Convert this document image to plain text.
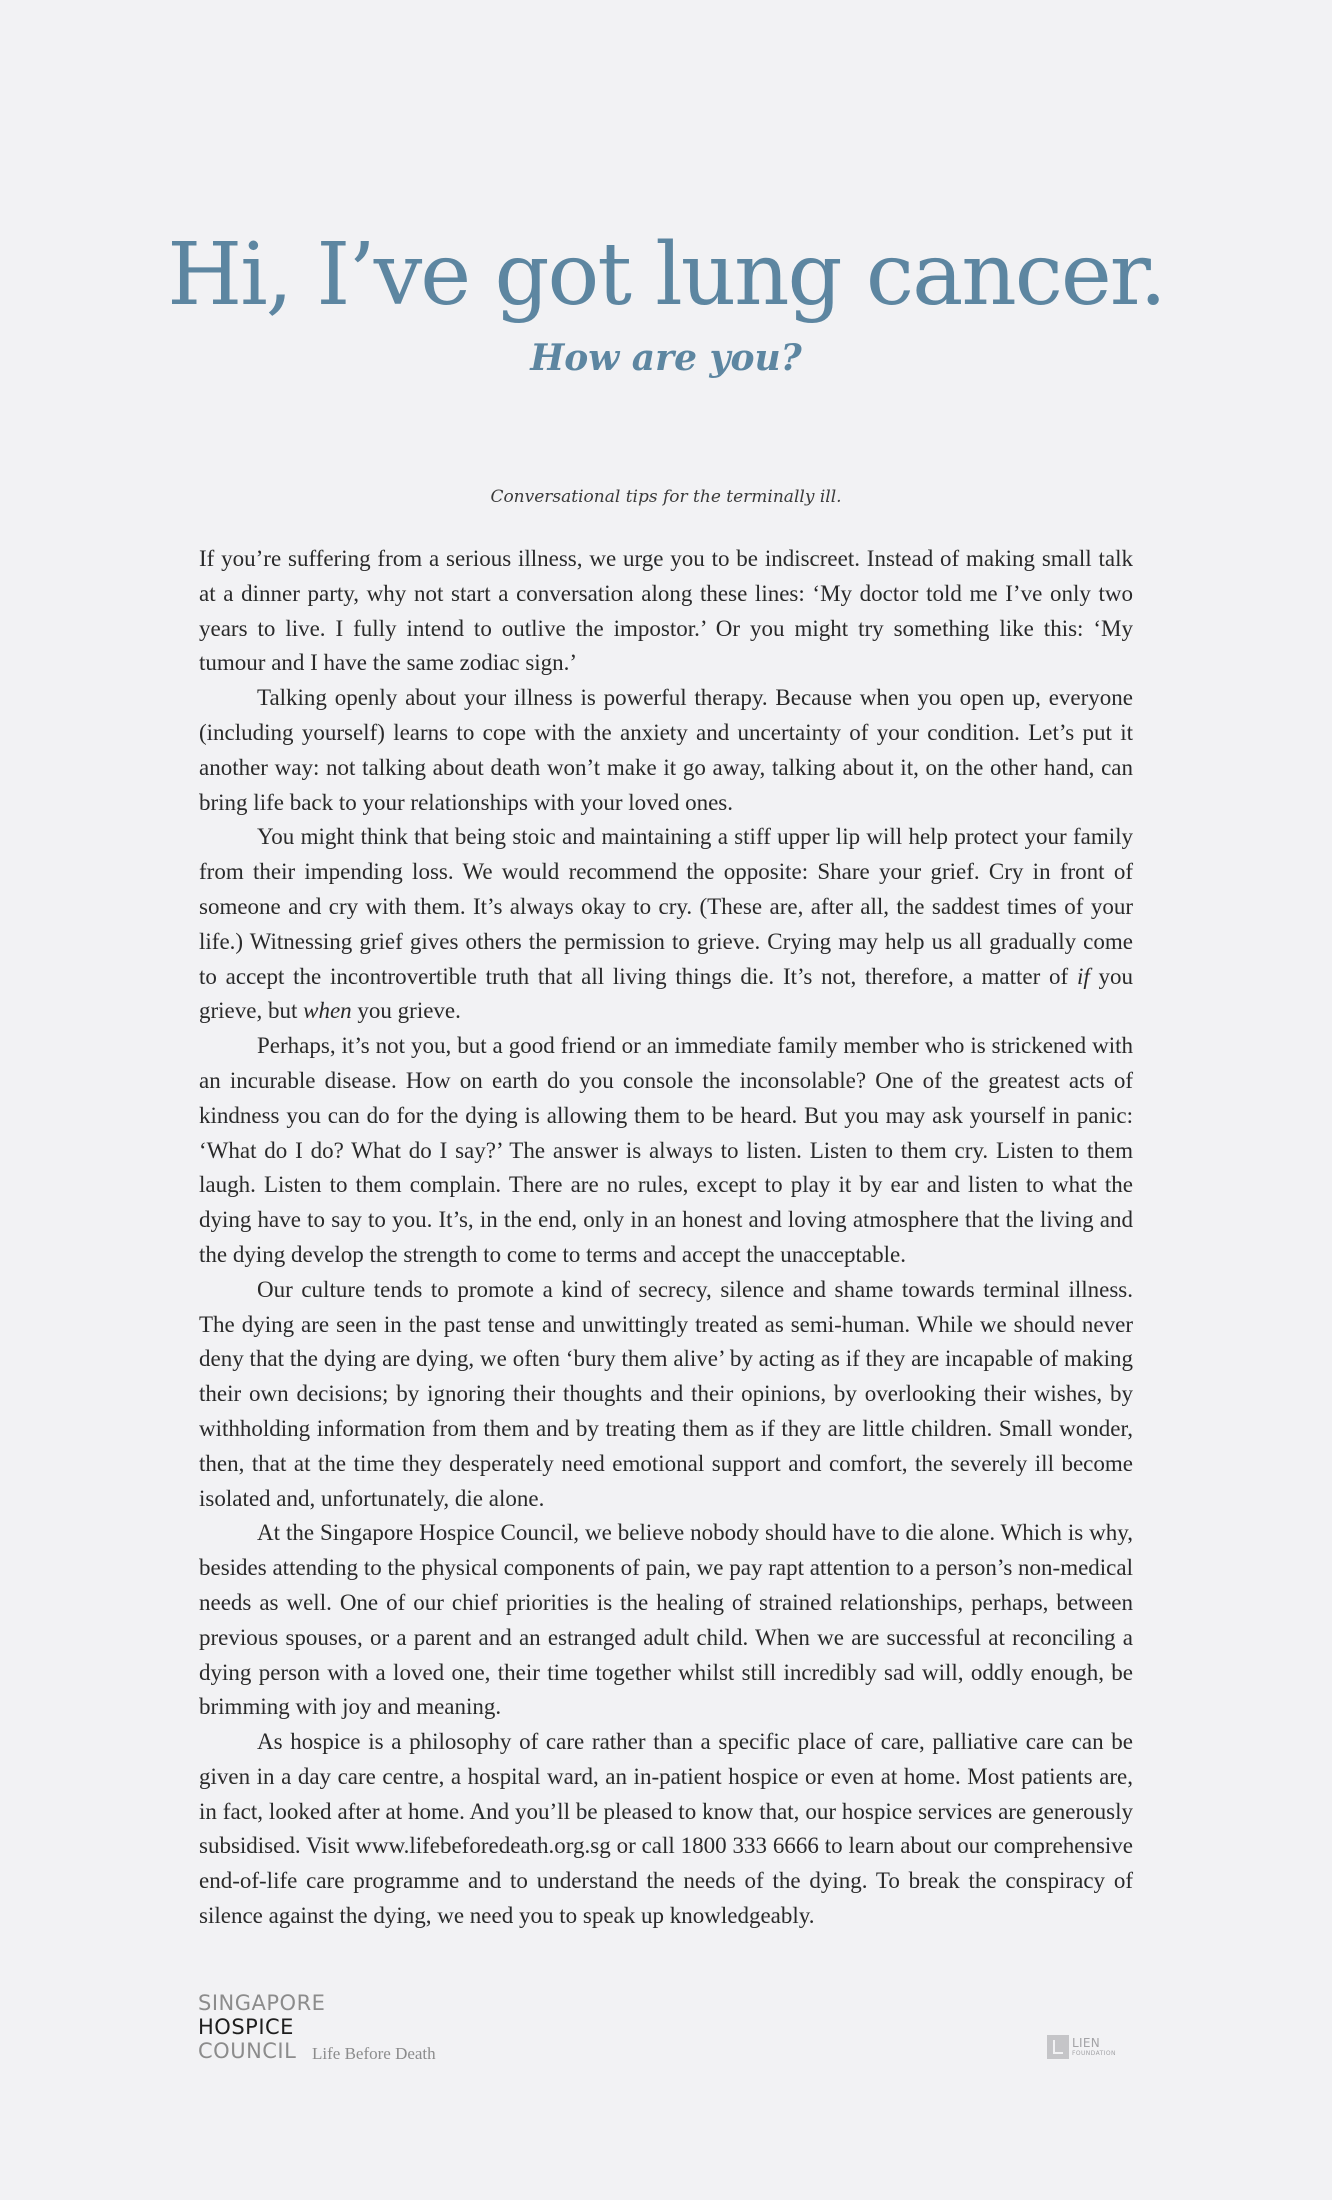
Hi, I’ve got lung cancer.
How are you?

Conversational tips for the terminally ill.

If you’re suffering from a serious illness, we urge you to be indiscreet. Instead of making small talk at a dinner party, why not start a conversation along these lines: ‘My doctor told me I’ve only two years to live. I fully intend to outlive the impostor.’ Or you might try something like this: ‘My tumour and I have the same zodiac sign.’

Talking openly about your illness is powerful therapy. Because when you open up, everyone (including yourself) learns to cope with the anxiety and uncertainty of your condition. Let’s put it another way: not talking about death won’t make it go away, talking about it, on the other hand, can bring life back to your relationships with your loved ones.

You might think that being stoic and maintaining a stiff upper lip will help protect your family from their impending loss. We would recommend the opposite: Share your grief. Cry in front of someone and cry with them. It’s always okay to cry. (These are, after all, the saddest times of your life.) Witnessing grief gives others the permission to grieve. Crying may help us all gradually come to accept the incontrovertible truth that all living things die. It’s not, therefore, a matter of if you grieve, but when you grieve.

Perhaps, it’s not you, but a good friend or an immediate family member who is strickened with an incurable disease. How on earth do you console the inconsolable? One of the greatest acts of kindness you can do for the dying is allowing them to be heard. But you may ask yourself in panic: ‘What do I do? What do I say?’ The answer is always to listen. Listen to them cry. Listen to them laugh. Listen to them complain. There are no rules, except to play it by ear and listen to what the dying have to say to you. It’s, in the end, only in an honest and loving atmosphere that the living and the dying develop the strength to come to terms and accept the unacceptable.

Our culture tends to promote a kind of secrecy, silence and shame towards terminal illness. The dying are seen in the past tense and unwittingly treated as semi-human. While we should never deny that the dying are dying, we often ‘bury them alive’ by acting as if they are incapable of making their own decisions; by ignoring their thoughts and their opinions, by overlooking their wishes, by withholding information from them and by treating them as if they are little children. Small wonder, then, that at the time they desperately need emotional support and comfort, the severely ill become isolated and, unfortunately, die alone.

At the Singapore Hospice Council, we believe nobody should have to die alone. Which is why, besides attending to the physical components of pain, we pay rapt attention to a person’s non-medical needs as well. One of our chief priorities is the healing of strained relationships, perhaps, between previous spouses, or a parent and an estranged adult child. When we are successful at reconciling a dying person with a loved one, their time together whilst still incredibly sad will, oddly enough, be brimming with joy and meaning.

As hospice is a philosophy of care rather than a specific place of care, palliative care can be given in a day care centre, a hospital ward, an in-patient hospice or even at home. Most patients are, in fact, looked after at home. And you’ll be pleased to know that, our hospice services are generously subsidised. Visit www.lifebeforedeath.org.sg or call 1800 333 6666 to learn about our comprehensive end-of-life care programme and to understand the needs of the dying. To break the conspiracy of silence against the dying, we need you to speak up knowledgeably.

SINGAPORE
HOSPICE
COUNCIL Life Before Death
LIEN
FOUNDATION
